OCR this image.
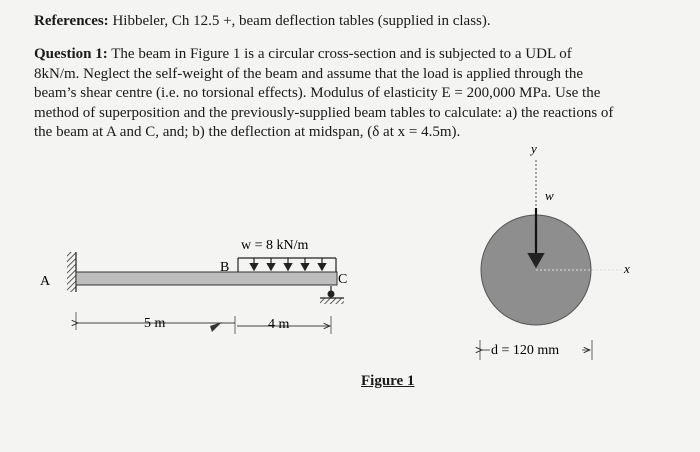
References: Hibbeler, Ch 12.5 +, beam deflection tables (supplied in class).

Question 1: The beam in Figure 1 is a circular cross-section and is subjected to a UDL of
8kN/m. Neglect the self-weight of the beam and assume that the load is applied through the
beam’s shear centre (i.e. no torsional effects). Modulus of elasticity E = 200,000 MPa. Use the
method of superposition and the previously-supplied beam tables to calculate: a) the reactions of
the beam at A and C, and; b) the deflection at midspan, (δ at x = 4.5m).

A
w = 8 kN/m
B
C
5 m	4 m
y
x
w
d = 120 mm
Figure 1
